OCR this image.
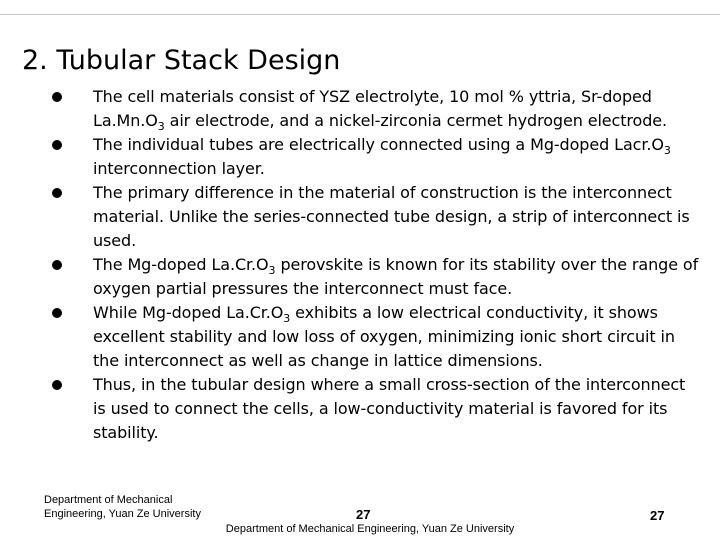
2. Tubular Stack Design
The cell materials consist of YSZ electrolyte, 10 mol % yttria, Sr-doped $La.Mn.O_3$ air electrode, and a nickel-zirconia cermet hydrogen electrode.
The individual tubes are electrically connected using a Mg-doped $Lacr.O_3$ interconnection layer.
The primary difference in the material of construction is the interconnect material. Unlike the series-connected tube design, a strip of interconnect is used.
The Mg-doped $La.Cr.O_3$ perovskite is known for its stability over the range of oxygen partial pressures the interconnect must face.
While Mg-doped $La.Cr.O_3$ exhibits a low electrical conductivity, it shows excellent stability and low loss of oxygen, minimizing ionic short circuit in the interconnect as well as change in lattice dimensions.
Thus, in the tubular design where a small cross-section of the interconnect is used to connect the cells, a low-conductivity material is favored for its stability.
Department of Mechanical Engineering, Yuan Ze University	27
Department of Mechanical Engineering, Yuan Ze University
27
